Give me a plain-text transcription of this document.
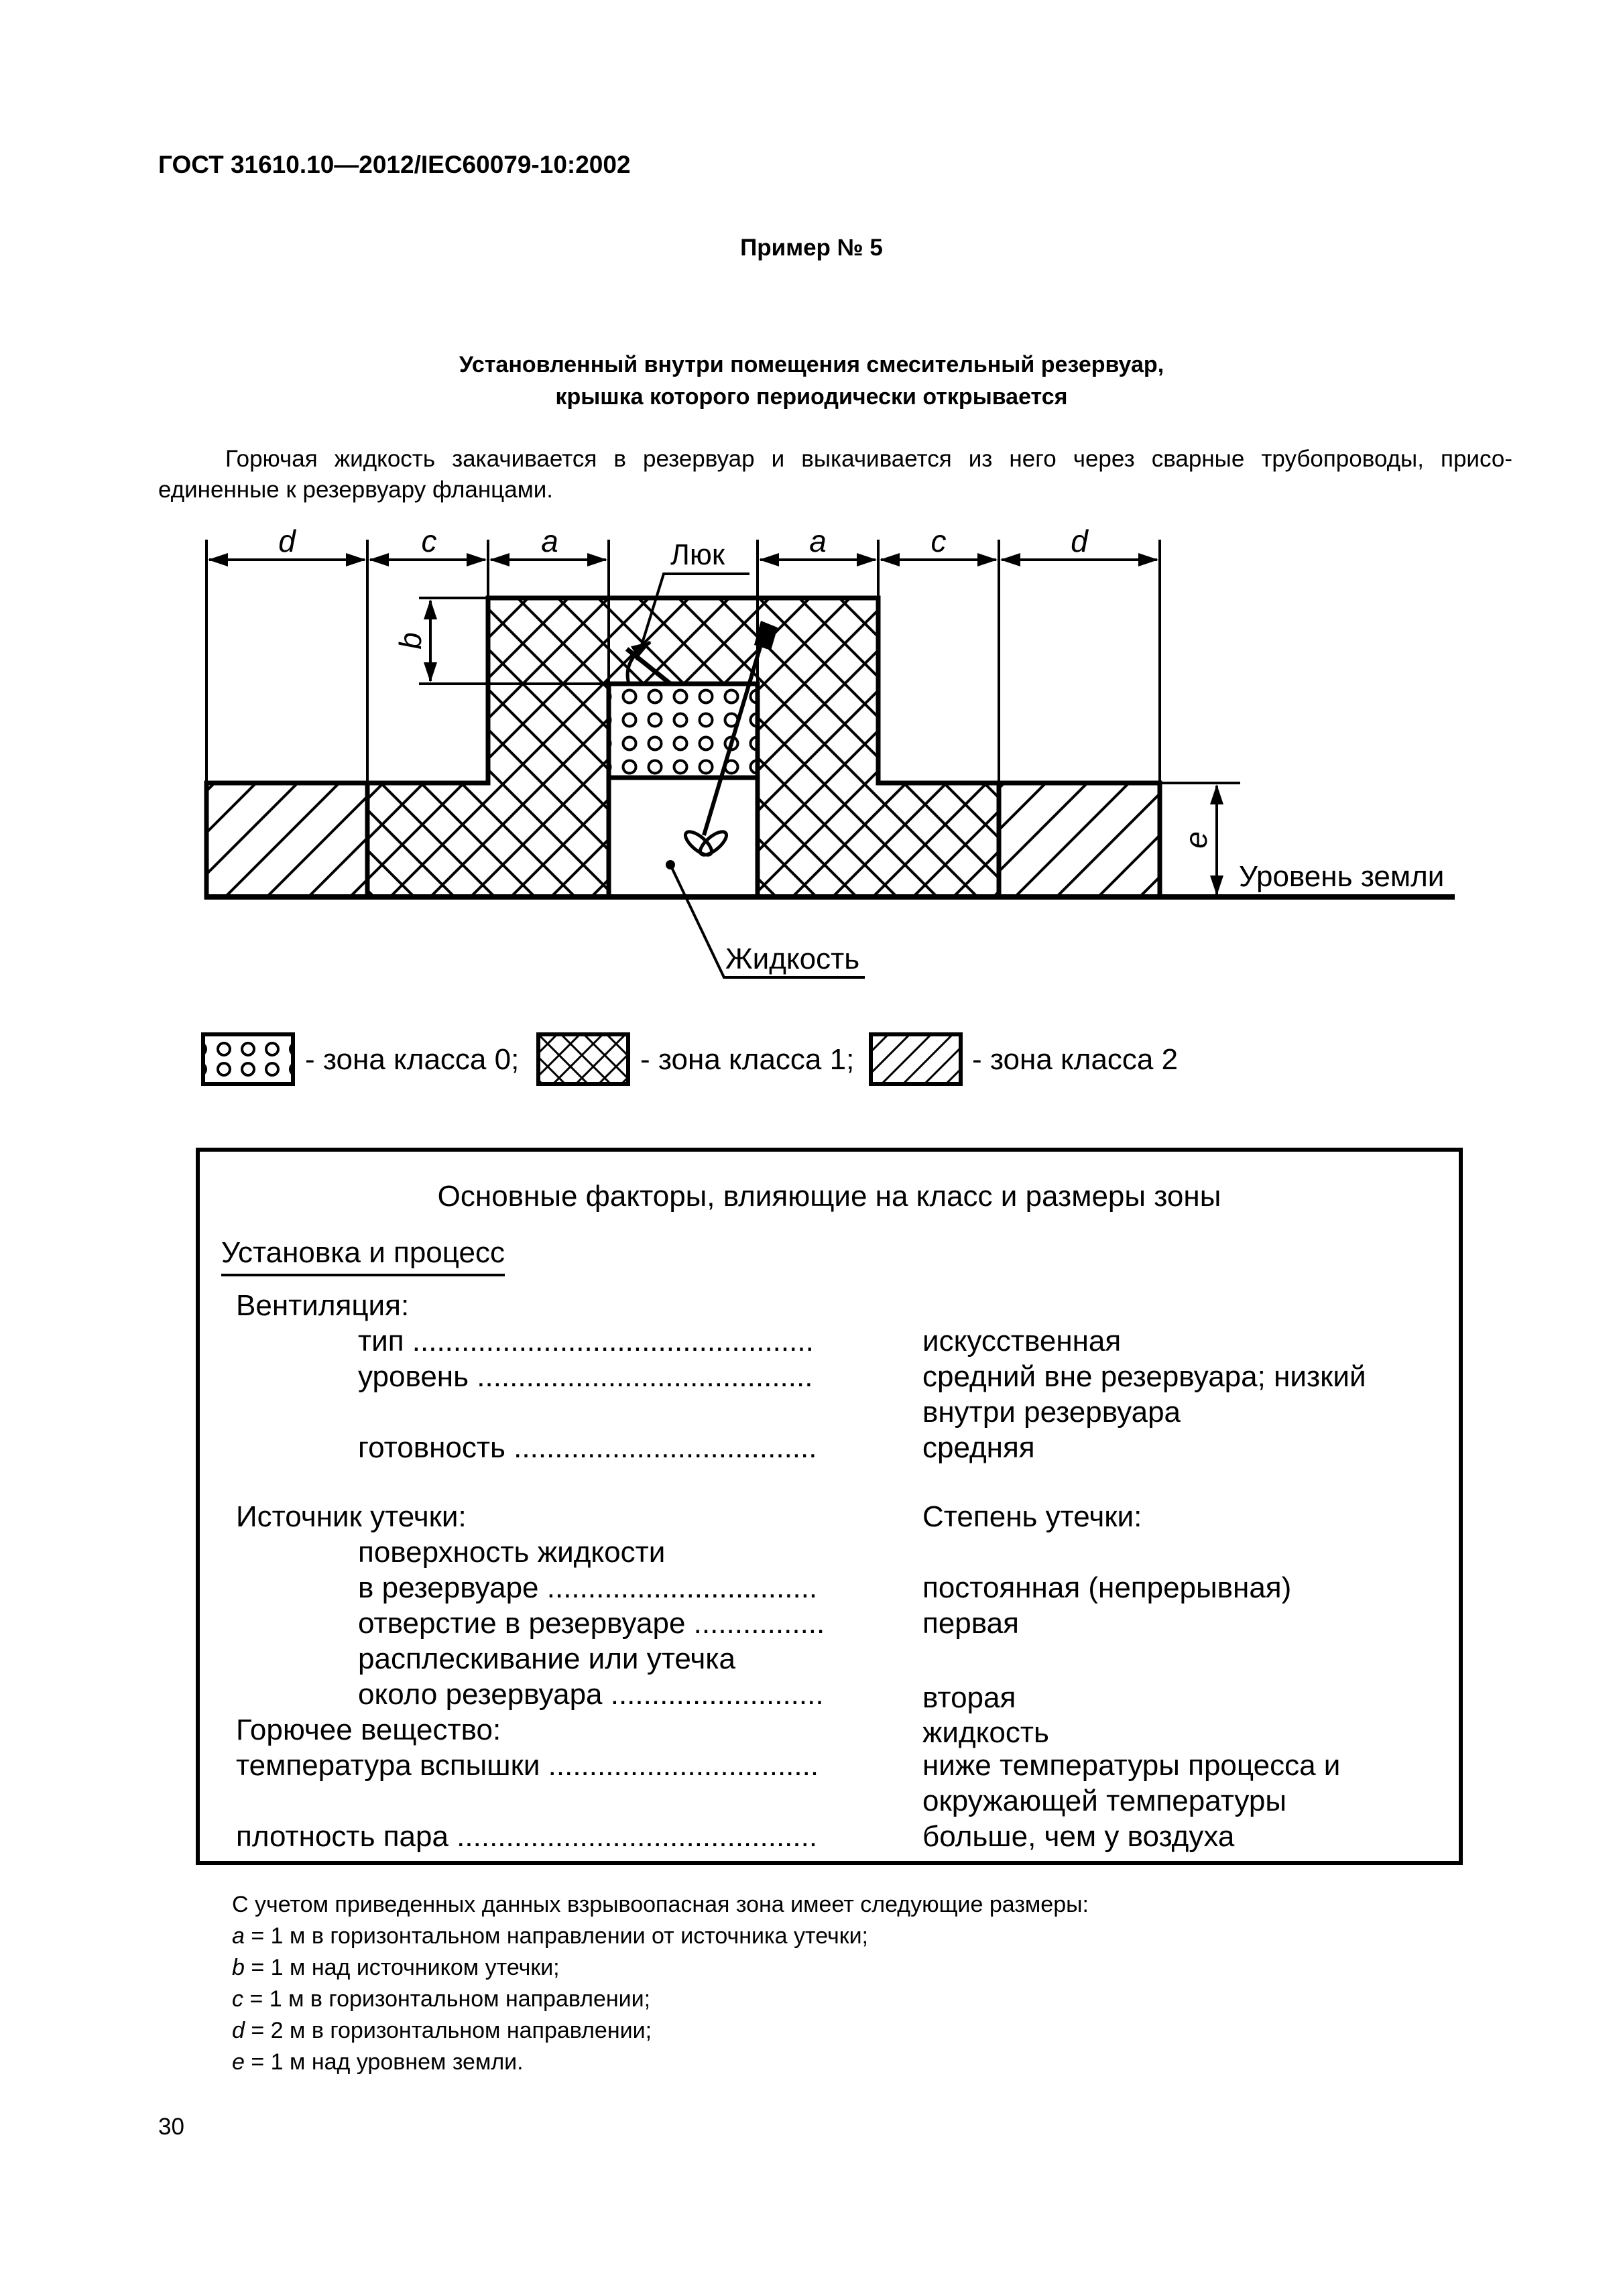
ГОСТ 31610.10—2012/IEC60079-10:2002
Пример № 5
Установленный внутри помещения смесительный резервуар,
крышка которого периодически открывается
Горючая жидкость закачивается в резервуар и выкачивается из него через сварные трубопроводы, присо-
единенные к резервуару фланцами.
d	c	a	a	c	d
b
e
Люк
Уровень земли
Жидкость
- зона класса 0;	- зона класса 1;	- зона класса 2
Основные факторы, влияющие на класс и размеры зоны
Установка и процесс
Вентиляция:
тип .................................................	искусственная
уровень .........................................	средний вне резервуара; низкий
внутри резервуара
готовность .....................................	средняя
Источник утечки:	Степень утечки:
поверхность жидкости
в резервуаре .................................	постоянная (непрерывная)
отверстие в резервуаре ................	первая
расплескивание или утечка
около резервуара ..........................	вторая
Горючее вещество:	жидкость
температура вспышки .................................	ниже температуры процесса и
окружающей температуры
плотность пара ............................................	больше, чем у воздуха
С учетом приведенных данных взрывоопасная зона имеет следующие размеры:
a = 1 м в горизонтальном направлении от источника утечки;
b = 1 м над источником утечки;
c = 1 м в горизонтальном направлении;
d = 2 м в горизонтальном направлении;
e = 1 м над уровнем земли.
30
